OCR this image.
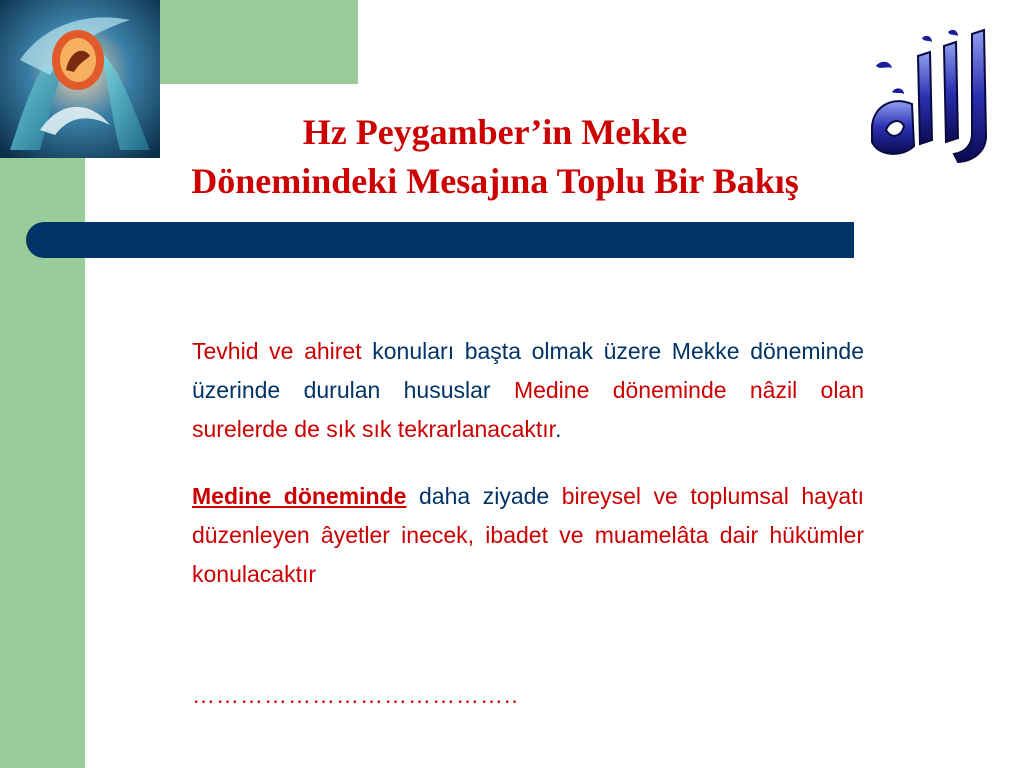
Hz Peygamber’in Mekke
Dönemindeki Mesajına Toplu Bir Bakış

Tevhid ve ahiret konuları başta olmak üzere Mekke döneminde üzerinde durulan hususlar Medine döneminde nâzil olan surelerde de sık sık tekrarlanacaktır.

Medine döneminde daha ziyade bireysel ve toplumsal hayatı düzenleyen âyetler inecek, ibadet ve muamelâta dair hükümler konulacaktır

…………………………………..
